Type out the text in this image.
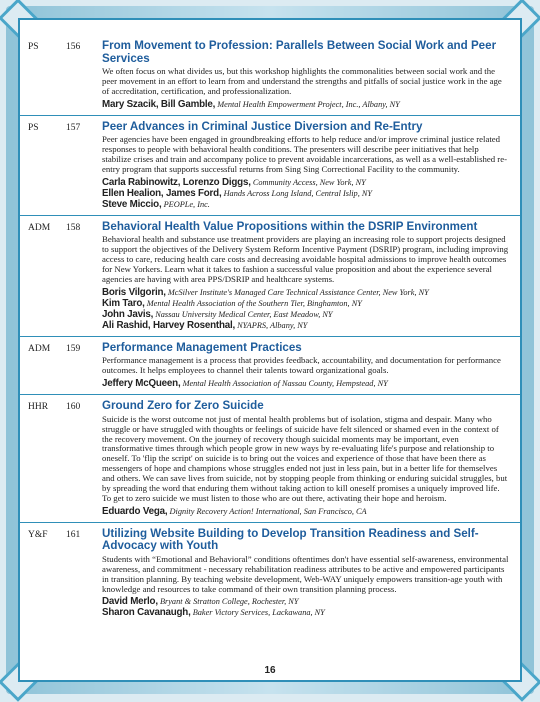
PS	156	From Movement to Profession: Parallels Between Social Work and Peer Services

We often focus on what divides us, but this workshop highlights the commonalities between social work and the peer movement in an effort to learn from and understand the strengths and pitfalls of social justice work in the age of accreditation, certification, and professionalization.

Mary Szacik, Bill Gamble, Mental Health Empowerment Project, Inc., Albany, NY

PS	157	Peer Advances in Criminal Justice Diversion and Re-Entry

Peer agencies have been engaged in groundbreaking efforts to help reduce and/or improve criminal justice related responses to people with behavioral health conditions. The presenters will describe peer initiatives that help stabilize crises and train and accompany police to prevent avoidable incarcerations, as well as a well-established re-entry program that supports successful returns from Sing Sing Correctional Facility to the community.

Carla Rabinowitz, Lorenzo Diggs, Community Access, New York, NY

Ellen Healion, James Ford, Hands Across Long Island, Central Islip, NY

Steve Miccio, PEOPLe, Inc.

ADM	158	Behavioral Health Value Propositions within the DSRIP Environment

Behavioral health and substance use treatment providers are playing an increasing role to support projects designed to support the objectives of the Delivery System Reform Incentive Payment (DSRIP) program, including improving access to care, reducing health care costs and decreasing avoidable hospital admissions to improve health outcomes for New Yorkers. Learn what it takes to fashion a successful value proposition and about the experience several agencies are having with area PPS/DSRIP and healthcare systems.

Boris Vilgorin, McSilver Institute's Managed Care Technical Assistance Center, New York, NY

Kim Taro, Mental Health Association of the Southern Tier, Binghamton, NY

John Javis, Nassau University Medical Center, East Meadow, NY

Ali Rashid, Harvey Rosenthal, NYAPRS, Albany, NY

ADM	159	Performance Management Practices

Performance management is a process that provides feedback, accountability, and documentation for performance outcomes. It helps employees to channel their talents toward organizational goals.

Jeffery McQueen, Mental Health Association of Nassau County, Hempstead, NY

HHR	160	Ground Zero for Zero Suicide

Suicide is the worst outcome not just of mental health problems but of isolation, stigma and despair. Many who struggle or have struggled with thoughts or feelings of suicide have felt silenced or shamed even in the context of the recovery movement. On the journey of recovery though suicidal moments may be important, even transformative times through which people grow in new ways by re-evaluating life's purpose and relationship to oneself. To 'flip the script' on suicide is to bring out the voices and experience of those that have been there as messengers of hope and champions whose struggles ended not just in less pain, but in a better life for themselves and others. We can save lives from suicide, not by stopping people from thinking or enduring suicidal struggles, but by spreading the word that enduring them without taking action to kill oneself promises a uniquely improved life. To get to zero suicide we must listen to those who are out there, activating their hope and heroism.

Eduardo Vega, Dignity Recovery Action! International, San Francisco, CA

Y&F	161	Utilizing Website Building to Develop Transition Readiness and Self-Advocacy with Youth

Students with “Emotional and Behavioral” conditions oftentimes don't have essential self-awareness, environmental awareness, and commitment - necessary rehabilitation readiness attributes to be active and empowered participants in transition planning. By teaching website development, Web-WAY uniquely empowers transition-age youth with knowledge and resources to take command of their own transition planning process.

David Merlo, Bryant & Stratton College, Rochester, NY

Sharon Cavanaugh, Baker Victory Services, Lackawana, NY

16
